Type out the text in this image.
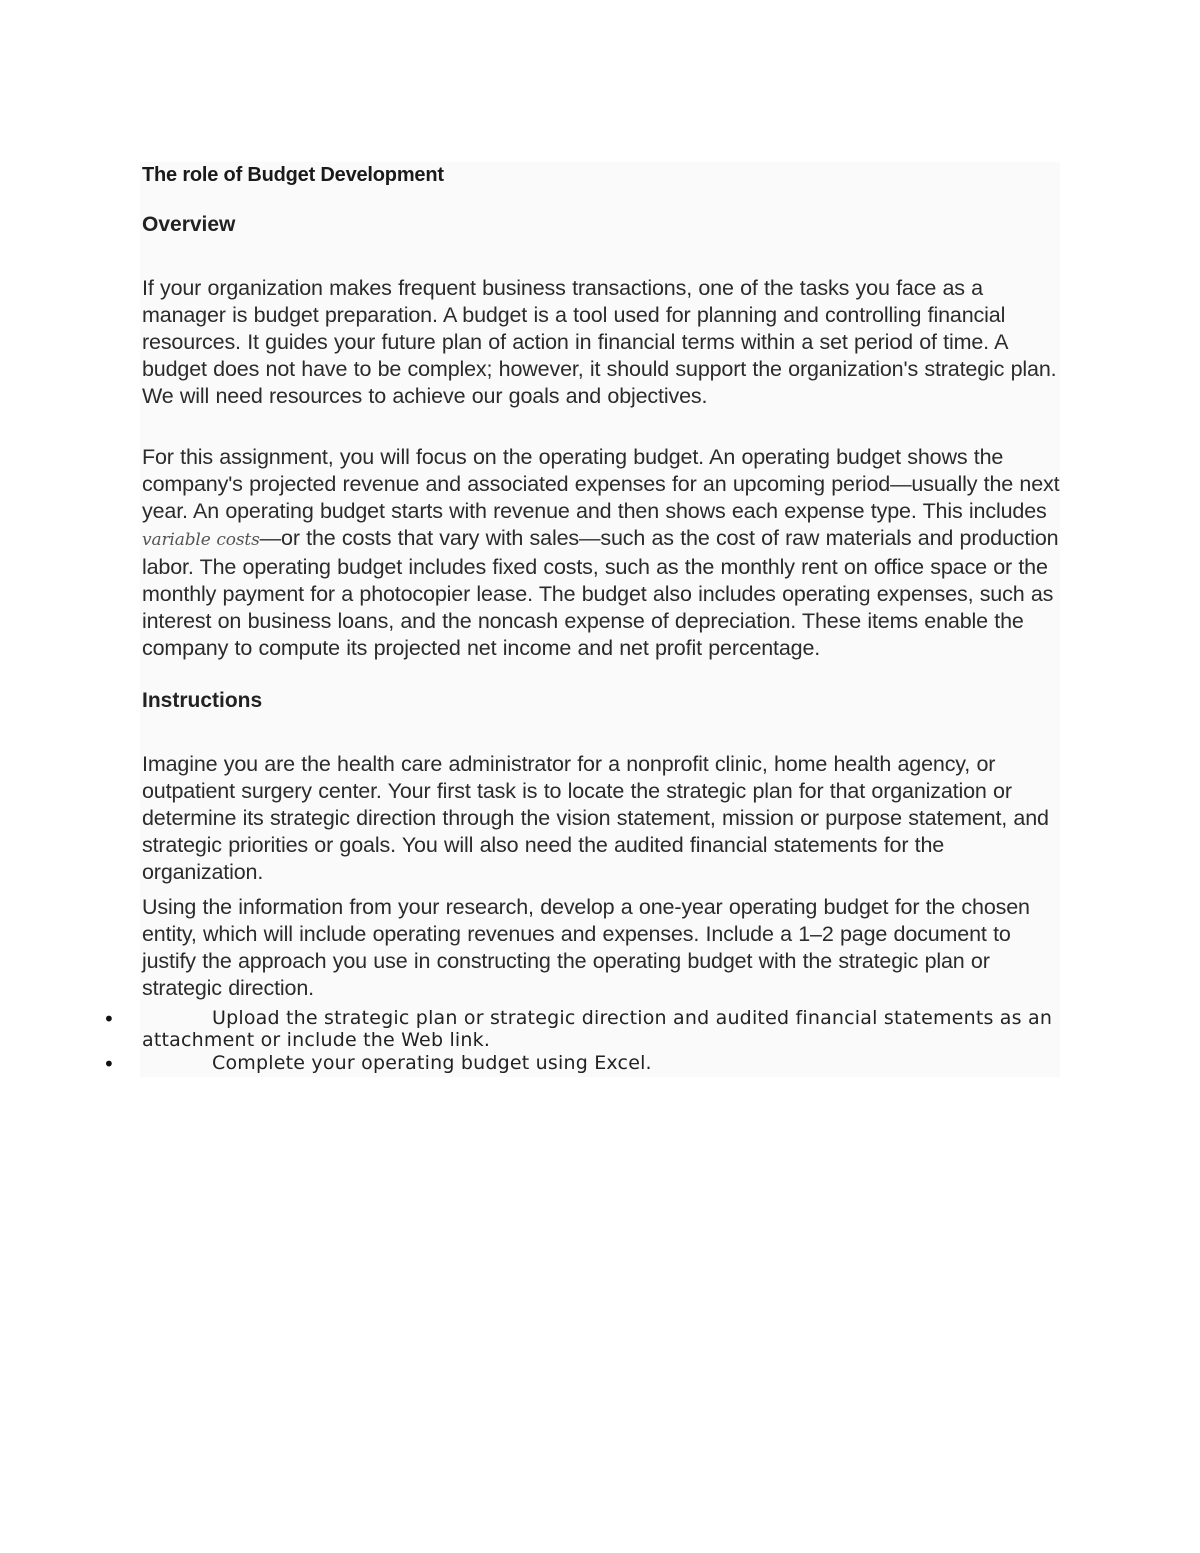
The role of Budget Development
Overview

If your organization makes frequent business transactions, one of the tasks you face as a manager is budget preparation. A budget is a tool used for planning and controlling financial resources. It guides your future plan of action in financial terms within a set period of time. A budget does not have to be complex; however, it should support the organization's strategic plan. We will need resources to achieve our goals and objectives.

For this assignment, you will focus on the operating budget. An operating budget shows the company's projected revenue and associated expenses for an upcoming period—usually the next year. An operating budget starts with revenue and then shows each expense type. This includes variable costs—or the costs that vary with sales—such as the cost of raw materials and production labor. The operating budget includes fixed costs, such as the monthly rent on office space or the monthly payment for a photocopier lease. The budget also includes operating expenses, such as interest on business loans, and the noncash expense of depreciation. These items enable the company to compute its projected net income and net profit percentage.

Instructions

Imagine you are the health care administrator for a nonprofit clinic, home health agency, or outpatient surgery center. Your first task is to locate the strategic plan for that organization or determine its strategic direction through the vision statement, mission or purpose statement, and strategic priorities or goals. You will also need the audited financial statements for the organization.

Using the information from your research, develop a one-year operating budget for the chosen entity, which will include operating revenues and expenses. Include a 1–2 page document to justify the approach you use in constructing the operating budget with the strategic plan or strategic direction.

•	Upload the strategic plan or strategic direction and audited financial statements as an attachment or include the Web link.
•	Complete your operating budget using Excel.
